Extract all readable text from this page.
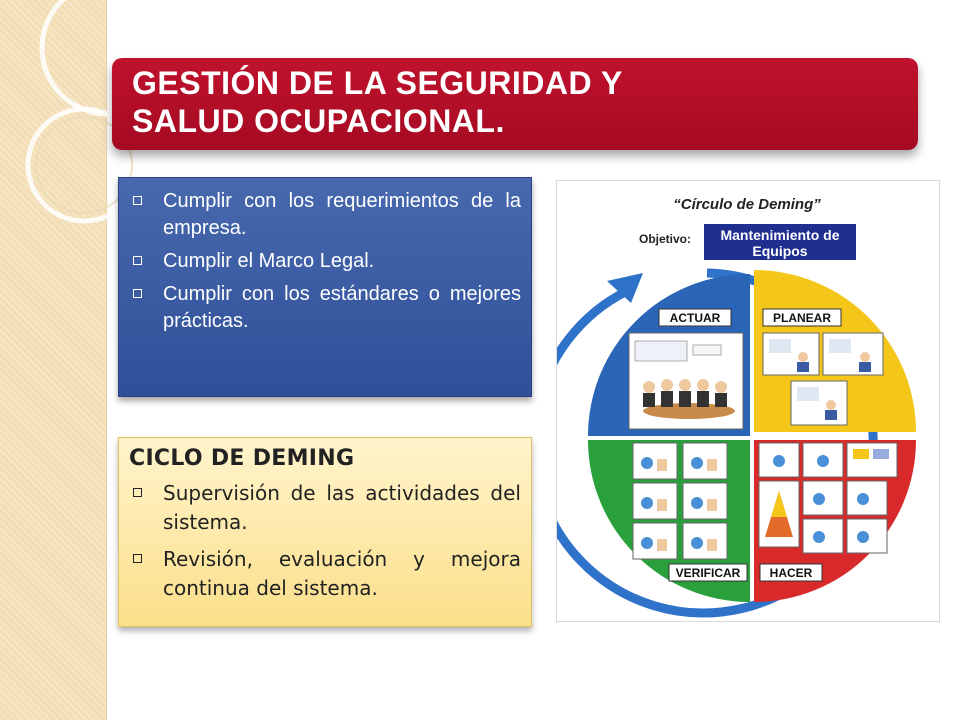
GESTIÓN DE LA SEGURIDAD Y
SALUD OCUPACIONAL.
Cumplir con los requerimientos de la empresa.
Cumplir el Marco Legal.
Cumplir con los estándares o mejores prácticas.
CICLO DE DEMING
Supervisión de las actividades del sistema.
Revisión, evaluación y mejora continua del sistema.
“Círculo de Deming”
Objetivo: Mantenimiento de
Equipos
ACTUAR	PLANEAR
VERIFICAR HACER
